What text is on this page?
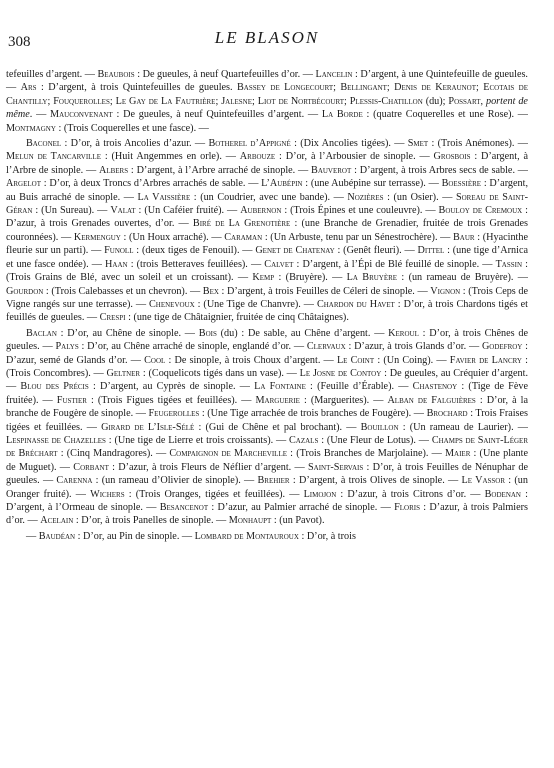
308	LE BLASON

tefeuilles d’argent. — Beaubois : De gueules, à neuf Quartefeuilles d’or. — Lancelin : D’argent, à une Quintefeuille de gueules. — Ars : D’argent, à trois Quintefeuilles de gueules. Bassey de Longecourt; Bellingant; Denis de Keraunot; Ecotais de Chantilly; Fouquerolles; Le Gay de La Fautrière; Jalesne; Liot de Nortbécourt; Plessis-Chatillon (du); Possart, portent de même. — Mauconvenant : De gueules, à neuf Quintefeuilles d’argent. — La Borde : (quatre Coquerelles et une Rose). — Montmagny : (Trois Coquerelles et une fasce). —

Baconel : D’or, à trois Ancolies d’azur. — Botherel d’Appigné : (Dix Ancolies tigées). — Smet : (Trois Anémones). — Melun de Tancarville : (Huit Angemmes en orle). — Arbouze : D’or, à l’Arbousier de sinople. — Grosbois : D’argent, à l’Arbre de sinople. — Albers : D’argent, à l’Arbre arraché de sinople. — Bauverot : D’argent, à trois Arbres secs de sable. — Argelot : D’or, à deux Troncs d’Arbres arrachés de sable. — L’Aubépin : (une Aubépine sur terrasse). — Boessière : D’argent, au Buis arraché de sinople. — La Vaissière : (un Coudrier, avec une bande). — Nozières : (un Osier). — Soreau de Saint-Géran : (Un Sureau). — Valat : (Un Caféier fruité). — Aubernon : (Trois Épines et une couleuvre). — Bouloy de Cremoux : D’azur, à trois Grenades ouvertes, d’or. — Biré de La Grenotière : (une Branche de Grenadier, fruitée de trois Grenades couronnées). — Kermenguy : (Un Houx arraché). — Caraman : (Un Arbuste, tenu par un Sénestrochère). — Baur : (Hyacinthe fleurie sur un parti). — Funoll : (deux tiges de Fenouil). — Genet de Chatenay : (Genêt fleuri). — Dittel : (une tige d’Arnica et une fasce ondée). — Haan : (trois Betteraves feuillées). — Calvet : D’argent, à l’Épi de Blé feuillé de sinople. — Tassin : (Trois Grains de Blé, avec un soleil et un croissant). — Kemp : (Bruyère). — La Bruyère : (un rameau de Bruyère). — Gourdon : (Trois Calebasses et un chevron). — Bex : D’argent, à trois Feuilles de Céleri de sinople. — Vignon : (Trois Ceps de Vigne rangés sur une terrasse). — Chenevoux : (Une Tige de Chanvre). — Chardon du Havet : D’or, à trois Chardons tigés et feuillés de gueules. — Crespi : (une tige de Châtaignier, fruitée de cinq Châtaignes).

Baclan : D’or, au Chêne de sinople. — Bois (du) : De sable, au Chêne d’argent. — Keroul : D’or, à trois Chênes de gueules. — Palys : D’or, au Chêne arraché de sinople, englandé d’or. — Clervaux : D’azur, à trois Glands d’or. — Godefroy : D’azur, semé de Glands d’or. — Cool : De sinople, à trois Choux d’argent. — Le Coint : (Un Coing). — Favier de Lancry : (Trois Concombres). — Geltner : (Coquelicots tigés dans un vase). — Le Josne de Contoy : De gueules, au Créquier d’argent. — Blou des Précis : D’argent, au Cyprès de sinople. — La Fontaine : (Feuille d’Érable). — Chastenoy : (Tige de Fève fruitée). — Fustier : (Trois Figues tigées et feuillées). — Marguerie : (Marguerites). — Alban de Falguières : D’or, à la branche de Fougère de sinople. — Feugerolles : (Une Tige arrachée de trois branches de Fougère). — Brochard : Trois Fraises tigées et feuillées. — Girard de L’Isle-Sélé : (Gui de Chêne et pal brochant). — Bouillon : (Un rameau de Laurier). — Lespinasse de Chazelles : (Une tige de Lierre et trois croissants). — Cazals : (Une Fleur de Lotus). — Champs de Saint-Léger de Bréchart : (Cinq Mandragores). — Compaignon de Marcheville : (Trois Branches de Marjolaine). — Maier : (Une plante de Muguet). — Corbant : D’azur, à trois Fleurs de Néflier d’argent. — Saint-Servais : D’or, à trois Feuilles de Nénuphar de gueules. — Carenna : (un rameau d’Olivier de sinople). — Brehier : D’argent, à trois Olives de sinople. — Le Vassor : (un Oranger fruité). — Wichers : (Trois Oranges, tigées et feuillées). — Limojon : D’azur, à trois Citrons d’or. — Bodenan : D’argent, à l’Ormeau de sinople. — Besancenot : D’azur, au Palmier arraché de sinople. — Floris : D’azur, à trois Palmiers d’or. — Acelain : D’or, à trois Panelles de sinople. — Monhaupt : (un Pavot).

— Baudéan : D’or, au Pin de sinople. — Lombard de Montauroux : D’or, à trois
